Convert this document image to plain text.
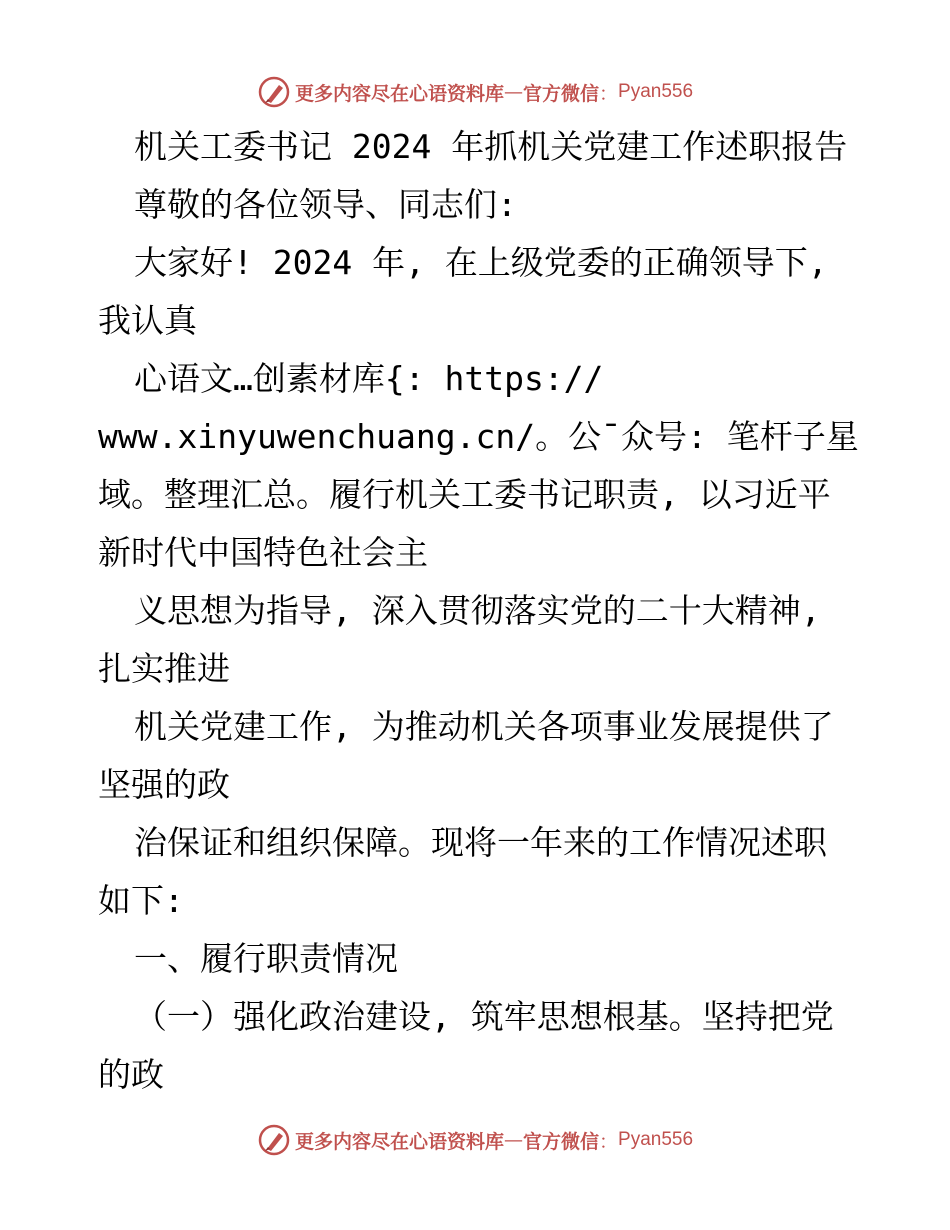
更多内容尽在心语资料库 — 官方微信 ： Pyan556
机关工委书记 2024 年抓机关党建工作述职报告
尊敬的各位领导、同志们:
大家好! 2024 年, 在上级党委的正确领导下,
我认真
心语文…创素材库{: https://
www.xinyuwenchuang.cn/。公¯众号: 笔杆子星
域。整理汇总。履行机关工委书记职责, 以习近平
新时代中国特色社会主
义思想为指导, 深入贯彻落实党的二十大精神,
扎实推进
机关党建工作, 为推动机关各项事业发展提供了
坚强的政
治保证和组织保障。现将一年来的工作情况述职
如下:
一、履行职责情况
（一）强化政治建设, 筑牢思想根基。坚持把党
的政
更多内容尽在心语资料库 — 官方微信 ： Pyan556
